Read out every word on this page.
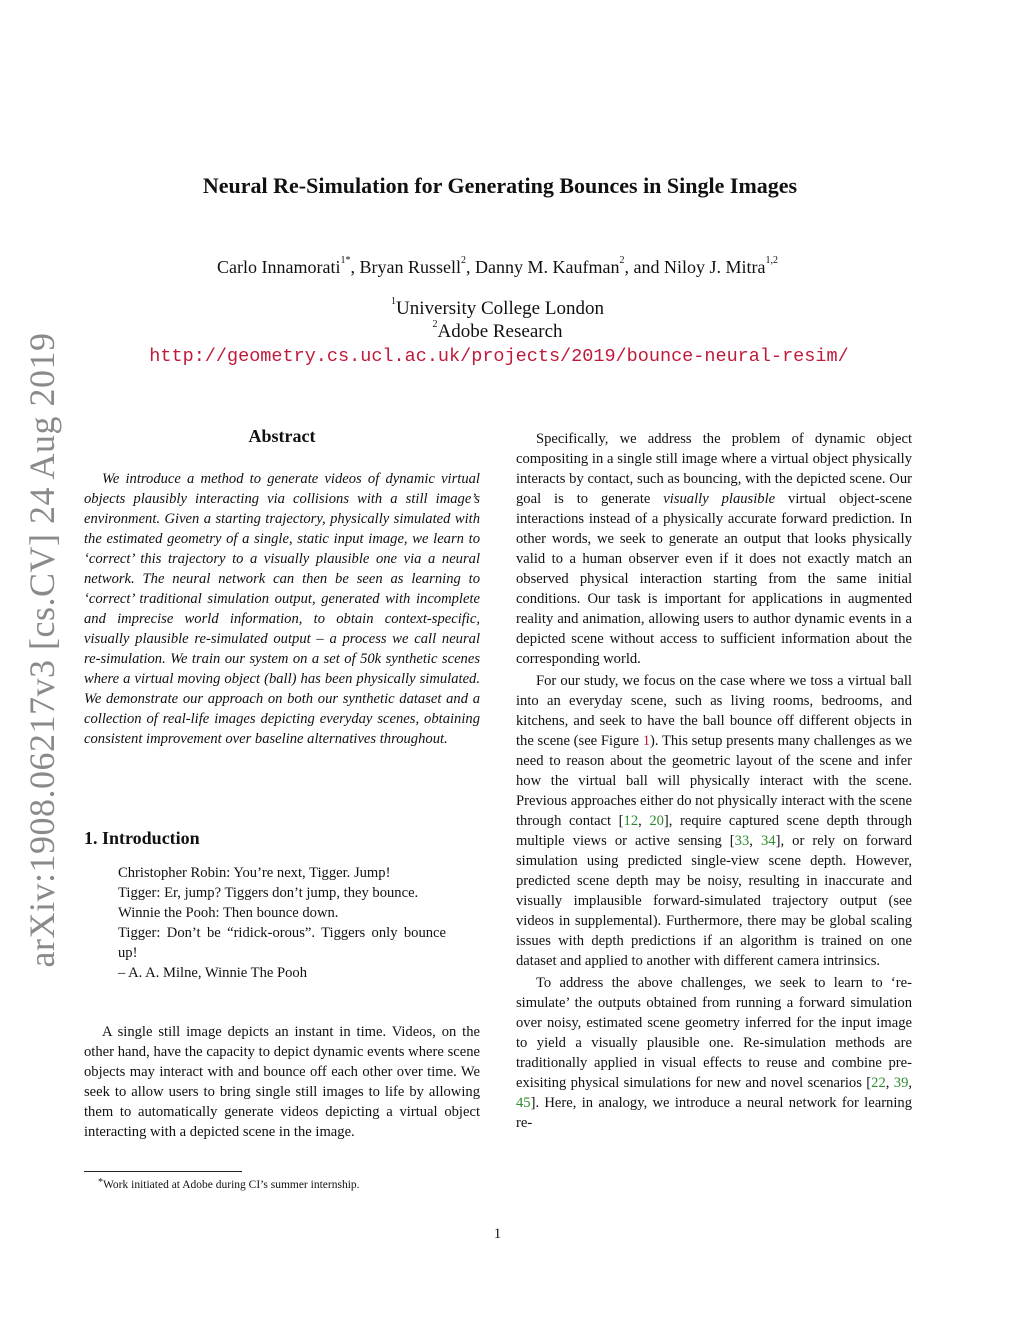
arXiv:1908.06217v3 [cs.CV] 24 Aug 2019
Neural Re-Simulation for Generating Bounces in Single Images
Carlo Innamorati$^{1*}$, Bryan Russell$^2$, Danny M. Kaufman$^2$, and Niloy J. Mitra$^{1,2}$
$^1$University College London
$^2$Adobe Research
http://geometry.cs.ucl.ac.uk/projects/2019/bounce-neural-resim/
Abstract

We introduce a method to generate videos of dynamic virtual objects plausibly interacting via collisions with a still image’s environment. Given a starting trajectory, physically simulated with the estimated geometry of a single, static input image, we learn to ‘correct’ this trajectory to a visually plausible one via a neural network. The neural network can then be seen as learning to ‘correct’ traditional simulation output, generated with incomplete and imprecise world information, to obtain context-specific, visually plausible re-simulated output – a process we call neural re-simulation. We train our system on a set of 50k synthetic scenes where a virtual moving object (ball) has been physically simulated. We demonstrate our approach on both our synthetic dataset and a collection of real-life images depicting everyday scenes, obtaining consistent improvement over baseline alternatives throughout.

1. Introduction
Christopher Robin: You’re next, Tigger. Jump!
Tigger: Er, jump? Tiggers don’t jump, they bounce.
Winnie the Pooh: Then bounce down.
Tigger: Don’t be “ridick-orous”. Tiggers only bounce up!
– A. A. Milne, Winnie The Pooh

A single still image depicts an instant in time. Videos, on the other hand, have the capacity to depict dynamic events where scene objects may interact with and bounce off each other over time. We seek to allow users to bring single still images to life by allowing them to automatically generate videos depicting a virtual object interacting with a depicted scene in the image.

*Work initiated at Adobe during CI’s summer internship.

Specifically, we address the problem of dynamic object compositing in a single still image where a virtual object physically interacts by contact, such as bouncing, with the depicted scene. Our goal is to generate visually plausible virtual object-scene interactions instead of a physically accurate forward prediction. In other words, we seek to generate an output that looks physically valid to a human observer even if it does not exactly match an observed physical interaction starting from the same initial conditions. Our task is important for applications in augmented reality and animation, allowing users to author dynamic events in a depicted scene without access to sufficient information about the corresponding world.

For our study, we focus on the case where we toss a virtual ball into an everyday scene, such as living rooms, bedrooms, and kitchens, and seek to have the ball bounce off different objects in the scene (see Figure 1). This setup presents many challenges as we need to reason about the geometric layout of the scene and infer how the virtual ball will physically interact with the scene. Previous approaches either do not physically interact with the scene through contact [12, 20], require captured scene depth through multiple views or active sensing [33, 34], or rely on forward simulation using predicted single-view scene depth. However, predicted scene depth may be noisy, resulting in inaccurate and visually implausible forward-simulated trajectory output (see videos in supplemental). Furthermore, there may be global scaling issues with depth predictions if an algorithm is trained on one dataset and applied to another with different camera intrinsics.

To address the above challenges, we seek to learn to ‘re-simulate’ the outputs obtained from running a forward simulation over noisy, estimated scene geometry inferred for the input image to yield a visually plausible one. Re-simulation methods are traditionally applied in visual effects to reuse and combine pre-exisiting physical simulations for new and novel scenarios [22, 39, 45]. Here, in analogy, we introduce a neural network for learning re-

1
